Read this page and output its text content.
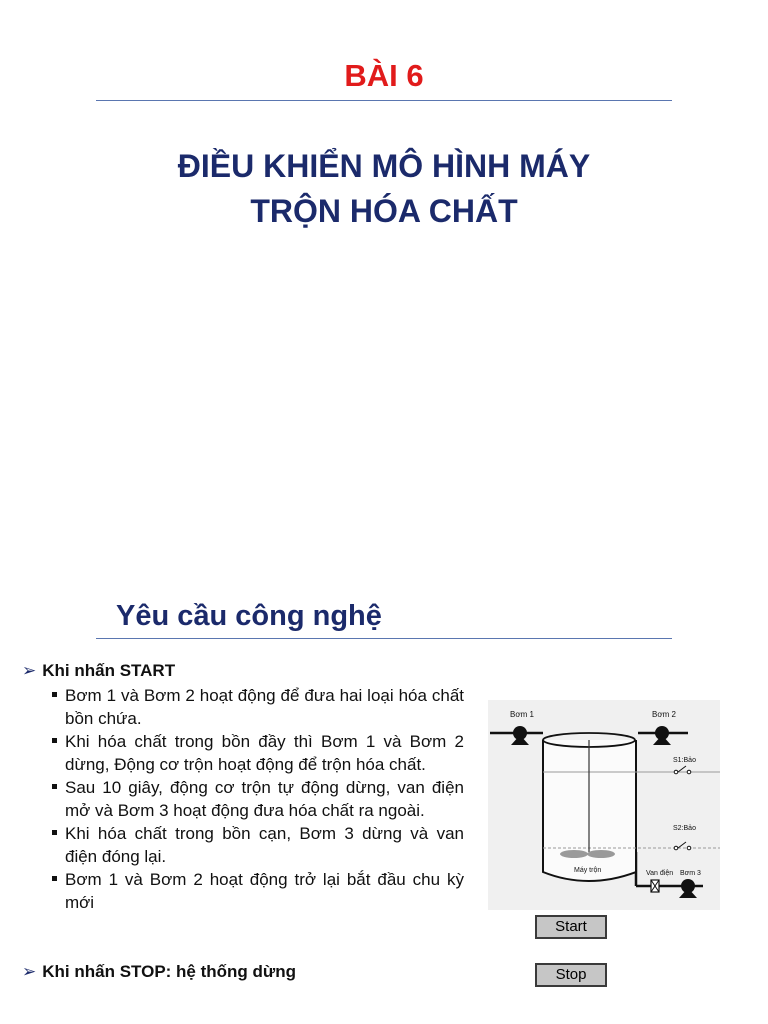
BÀI 6
ĐIỀU KHIỂN MÔ HÌNH MÁY
TRỘN HÓA CHẤT
Yêu cầu công nghệ
➢ Khi nhấn START
Bơm 1 và Bơm 2 hoạt động để đưa hai loại hóa chất bồn chứa.
Khi hóa chất trong bồn đầy thì Bơm 1 và Bơm 2 dừng, Động cơ trộn hoạt động để trộn hóa chất.
Sau 10 giây, động cơ trộn tự động dừng, van điện mở và Bơm 3 hoạt động đưa hóa chất ra ngoài.
Khi hóa chất trong bồn cạn, Bơm 3 dừng và van điện đóng lại.
Bơm 1 và Bơm 2 hoạt động trở lại bắt đầu chu kỳ mới
➢ Khi nhấn STOP: hệ thống dừng
Bơm 1	Bơm 2
S1:Bảo
S2:Bảo
Máy trộn	Van điện Bơm 3
Start
Stop
